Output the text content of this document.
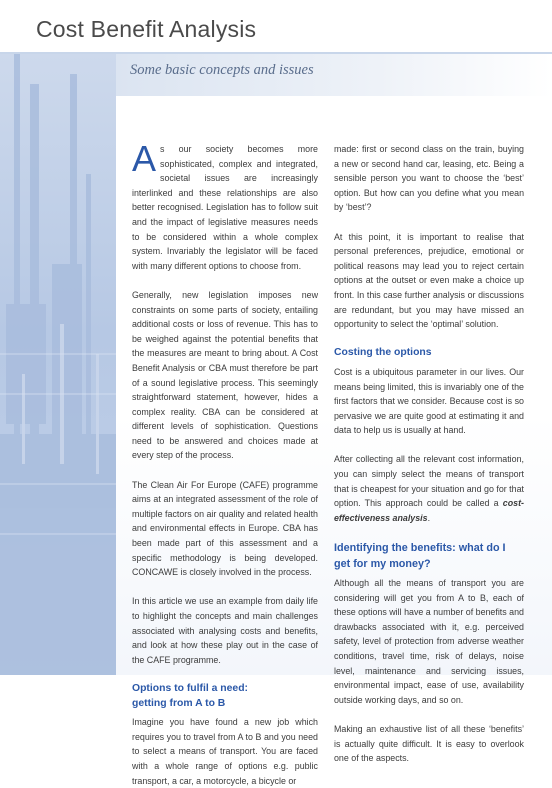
Cost Benefit Analysis
Some basic concepts and issues

As our society becomes more sophisticated, complex and integrated, societal issues are increasingly interlinked and these relationships are also better recognised. Legislation has to follow suit and the impact of legislative measures needs to be considered within a whole complex system. Invariably the legislator will be faced with many different options to choose from.

Generally, new legislation imposes new constraints on some parts of society, entailing additional costs or loss of revenue. This has to be weighed against the potential benefits that the measures are meant to bring about. A Cost Benefit Analysis or CBA must therefore be part of a sound legislative process. This seemingly straightforward statement, however, hides a complex reality. CBA can be considered at different levels of sophistication. Questions need to be answered and choices made at every step of the process.

The Clean Air For Europe (CAFE) programme aims at an integrated assessment of the role of multiple factors on air quality and related health and environmental effects in Europe. CBA has been made part of this assessment and a specific methodology is being developed. CONCAWE is closely involved in the process.

In this article we use an example from daily life to highlight the concepts and main challenges associated with analysing costs and benefits, and look at how these play out in the case of the CAFE programme.

Options to fulfil a need:
getting from A to B

Imagine you have found a new job which requires you to travel from A to B and you need to select a means of transport. You are faced with a whole range of options e.g. public transport, a car, a motorcycle, a bicycle or

made: first or second class on the train, buying a new or second hand car, leasing, etc. Being a sensible person you want to choose the ‘best’ option. But how can you define what you mean by ‘best’?

At this point, it is important to realise that personal preferences, prejudice, emotional or political reasons may lead you to reject certain options at the outset or even make a choice up front. In this case further analysis or discussions are redundant, but you may have missed an opportunity to select the ‘optimal’ solution.

Costing the options

Cost is a ubiquitous parameter in our lives. Our means being limited, this is invariably one of the first factors that we consider. Because cost is so pervasive we are quite good at estimating it and data to help us is usually at hand.

After collecting all the relevant cost information, you can simply select the means of transport that is cheapest for your situation and go for that option. This approach could be called a cost-effectiveness analysis.

Identifying the benefits: what do I get for my money?

Although all the means of transport you are considering will get you from A to B, each of these options will have a number of benefits and drawbacks associated with it, e.g. perceived safety, level of protection from adverse weather conditions, travel time, risk of delays, noise level, maintenance and servicing issues, environmental impact, ease of use, availability outside working days, and so on.

Making an exhaustive list of all these ‘benefits’ is actually quite difficult. It is easy to overlook one of the aspects.
